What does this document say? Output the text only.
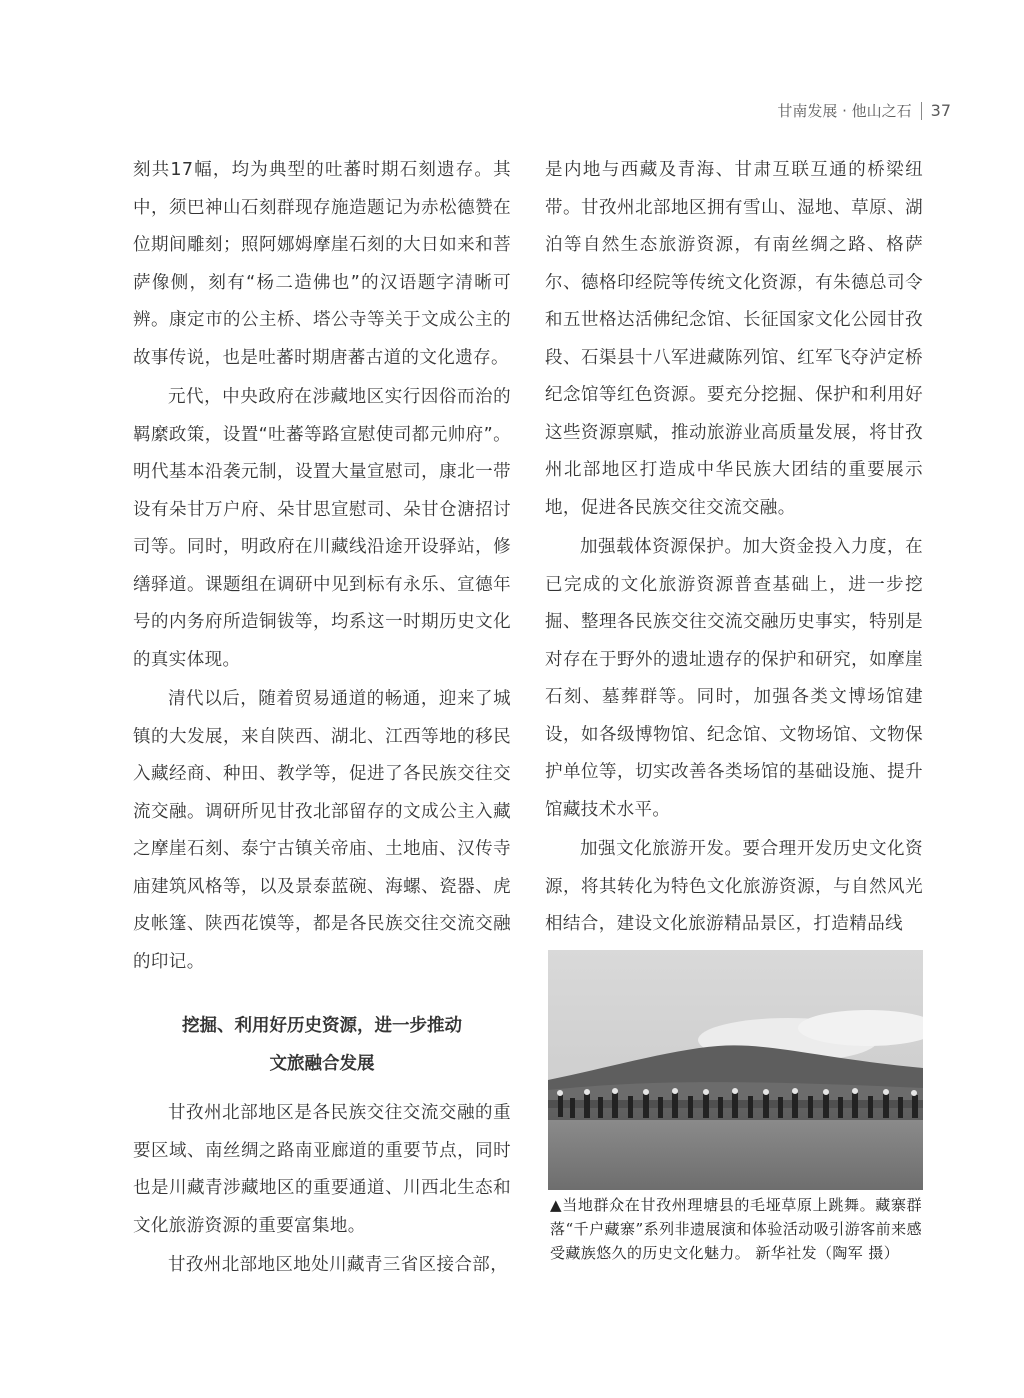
甘南发展 · 他山之石 37

刻共17幅，均为典型的吐蕃时期石刻遗存。其中，须巴神山石刻群现存施造题记为赤松德赞在位期间雕刻；照阿娜姆摩崖石刻的大日如来和菩萨像侧，刻有“杨二造佛也”的汉语题字清晰可辨。康定市的公主桥、塔公寺等关于文成公主的故事传说，也是吐蕃时期唐蕃古道的文化遗存。

元代，中央政府在涉藏地区实行因俗而治的羁縻政策，设置“吐蕃等路宣慰使司都元帅府”。明代基本沿袭元制，设置大量宣慰司，康北一带设有朵甘万户府、朵甘思宣慰司、朵甘仓溏招讨司等。同时，明政府在川藏线沿途开设驿站，修缮驿道。课题组在调研中见到标有永乐、宣德年号的内务府所造铜钹等，均系这一时期历史文化的真实体现。

清代以后，随着贸易通道的畅通，迎来了城镇的大发展，来自陕西、湖北、江西等地的移民入藏经商、种田、教学等，促进了各民族交往交流交融。调研所见甘孜北部留存的文成公主入藏之摩崖石刻、泰宁古镇关帝庙、土地庙、汉传寺庙建筑风格等，以及景泰蓝碗、海螺、瓷器、虎皮帐篷、陕西花馍等，都是各民族交往交流交融的印记。

挖掘、利用好历史资源，进一步推动
文旅融合发展

甘孜州北部地区是各民族交往交流交融的重要区域、南丝绸之路南亚廊道的重要节点，同时也是川藏青涉藏地区的重要通道、川西北生态和文化旅游资源的重要富集地。

甘孜州北部地区地处川藏青三省区接合部，

是内地与西藏及青海、甘肃互联互通的桥梁纽带。甘孜州北部地区拥有雪山、湿地、草原、湖泊等自然生态旅游资源，有南丝绸之路、格萨尔、德格印经院等传统文化资源，有朱德总司令和五世格达活佛纪念馆、长征国家文化公园甘孜段、石渠县十八军进藏陈列馆、红军飞夺泸定桥纪念馆等红色资源。要充分挖掘、保护和利用好这些资源禀赋，推动旅游业高质量发展，将甘孜州北部地区打造成中华民族大团结的重要展示地，促进各民族交往交流交融。

加强载体资源保护。加大资金投入力度，在已完成的文化旅游资源普查基础上，进一步挖掘、整理各民族交往交流交融历史事实，特别是对存在于野外的遗址遗存的保护和研究，如摩崖石刻、墓葬群等。同时，加强各类文博场馆建设，如各级博物馆、纪念馆、文物场馆、文物保护单位等，切实改善各类场馆的基础设施、提升馆藏技术水平。

加强文化旅游开发。要合理开发历史文化资源，将其转化为特色文化旅游资源，与自然风光相结合，建设文化旅游精品景区，打造精品线

▲当地群众在甘孜州理塘县的毛垭草原上跳舞。藏寨群落“千户藏寨”系列非遗展演和体验活动吸引游客前来感受藏族悠久的历史文化魅力。 新华社发（陶军 摄）
